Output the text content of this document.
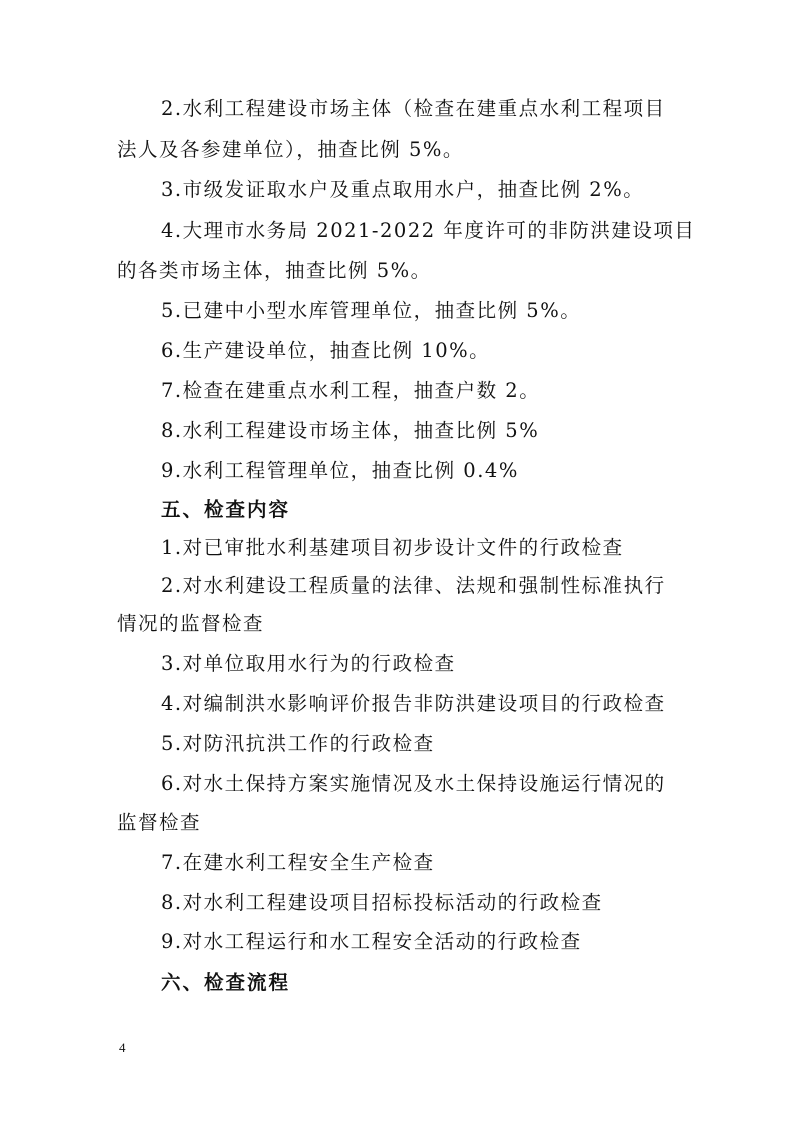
2.水利工程建设市场主体（检查在建重点水利工程项目
法人及各参建单位），抽查比例 5%。
3.市级发证取水户及重点取用水户，抽查比例 2%。
4.大理市水务局 2021-2022 年度许可的非防洪建设项目
的各类市场主体，抽查比例 5%。
5.已建中小型水库管理单位，抽查比例 5%。
6.生产建设单位，抽查比例 10%。
7.检查在建重点水利工程，抽查户数 2。
8.水利工程建设市场主体，抽查比例 5%
9.水利工程管理单位，抽查比例 0.4%
五、检查内容
1.对已审批水利基建项目初步设计文件的行政检查
2.对水利建设工程质量的法律、法规和强制性标准执行
情况的监督检查
3.对单位取用水行为的行政检查
4.对编制洪水影响评价报告非防洪建设项目的行政检查
5.对防汛抗洪工作的行政检查
6.对水土保持方案实施情况及水土保持设施运行情况的
监督检查
7.在建水利工程安全生产检查
8.对水利工程建设项目招标投标活动的行政检查
9.对水工程运行和水工程安全活动的行政检查
六、检查流程
4
